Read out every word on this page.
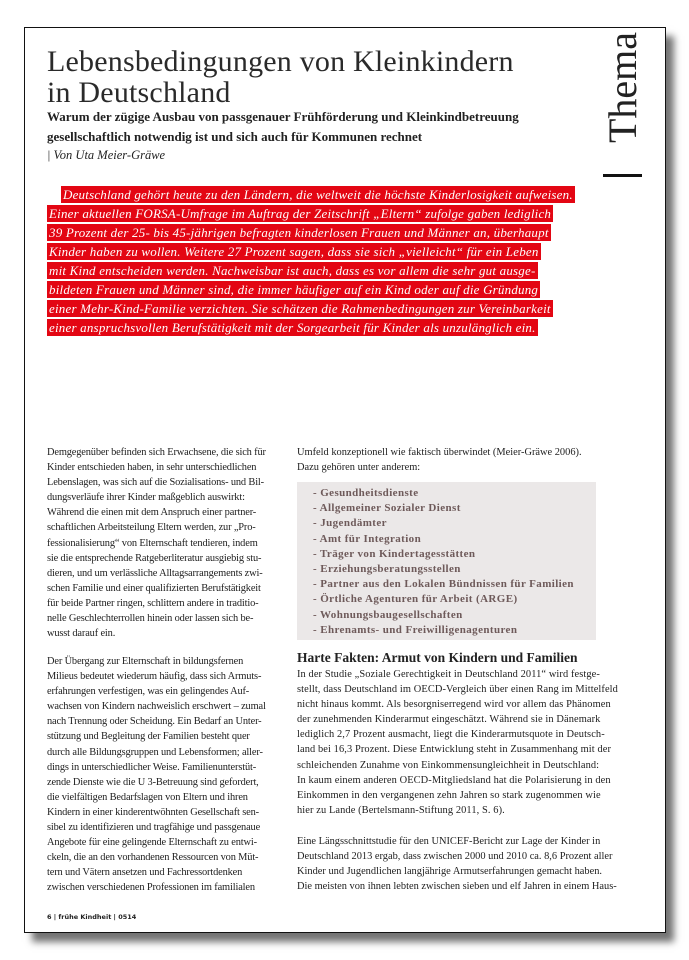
Lebensbedingungen von Kleinkindern
in Deutschland
Warum der zügige Ausbau von passgenauer Frühförderung und Kleinkindbetreuung
gesellschaftlich notwendig ist und sich auch für Kommunen rechnet
| Von Uta Meier-Gräwe
Thema
Deutschland gehört heute zu den Ländern, die weltweit die höchste Kinderlosigkeit aufweisen.
Einer aktuellen FORSA-Umfrage im Auftrag der Zeitschrift „Eltern“ zufolge gaben lediglich
39 Prozent der 25- bis 45-jährigen befragten kinderlosen Frauen und Männer an, überhaupt
Kinder haben zu wollen. Weitere 27 Prozent sagen, dass sie sich „vielleicht“ für ein Leben
mit Kind entscheiden werden. Nachweisbar ist auch, dass es vor allem die sehr gut ausge-
bildeten Frauen und Männer sind, die immer häufiger auf ein Kind oder auf die Gründung
einer Mehr-Kind-Familie verzichten. Sie schätzen die Rahmenbedingungen zur Vereinbarkeit
einer anspruchsvollen Berufstätigkeit mit der Sorgearbeit für Kinder als unzulänglich ein.
Demgegenüber befinden sich Erwachsene, die sich für
Kinder entschieden haben, in sehr unterschiedlichen
Lebenslagen, was sich auf die Sozialisations- und Bil-
dungsverläufe ihrer Kinder maßgeblich auswirkt:
Während die einen mit dem Anspruch einer partner-
schaftlichen Arbeitsteilung Eltern werden, zur „Pro-
fessionalisierung“ von Elternschaft tendieren, indem
sie die entsprechende Ratgeberliteratur ausgiebig stu-
dieren, und um verlässliche Alltagsarrangements zwi-
schen Familie und einer qualifizierten Berufstätigkeit
für beide Partner ringen, schlittern andere in traditio-
nelle Geschlechterrollen hinein oder lassen sich be-
wusst darauf ein.
Der Übergang zur Elternschaft in bildungsfernen
Milieus bedeutet wiederum häufig, dass sich Armuts-
erfahrungen verfestigen, was ein gelingendes Auf-
wachsen von Kindern nachweislich erschwert – zumal
nach Trennung oder Scheidung. Ein Bedarf an Unter-
stützung und Begleitung der Familien besteht quer
durch alle Bildungsgruppen und Lebensformen; aller-
dings in unterschiedlicher Weise. Familienunterstüt-
zende Dienste wie die U 3-Betreuung sind gefordert,
die vielfältigen Bedarfslagen von Eltern und ihren
Kindern in einer kinderentwöhnten Gesellschaft sen-
sibel zu identifizieren und tragfähige und passgenaue
Angebote für eine gelingende Elternschaft zu entwi-
ckeln, die an den vorhandenen Ressourcen von Müt-
tern und Vätern ansetzen und Fachressortdenken
zwischen verschiedenen Professionen im familialen
Umfeld konzeptionell wie faktisch überwindet (Meier-Gräwe 2006).
Dazu gehören unter anderem:
- Gesundheitsdienste
- Allgemeiner Sozialer Dienst
- Jugendämter
- Amt für Integration
- Träger von Kindertagesstätten
- Erziehungsberatungsstellen
- Partner aus den Lokalen Bündnissen für Familien
- Örtliche Agenturen für Arbeit (ARGE)
- Wohnungsbaugesellschaften
- Ehrenamts- und Freiwilligenagenturen
Harte Fakten: Armut von Kindern und Familien
In der Studie „Soziale Gerechtigkeit in Deutschland 2011“ wird festge-
stellt, dass Deutschland im OECD-Vergleich über einen Rang im Mittelfeld
nicht hinaus kommt. Als besorgniserregend wird vor allem das Phänomen
der zunehmenden Kinderarmut eingeschätzt. Während sie in Dänemark
lediglich 2,7 Prozent ausmacht, liegt die Kinderarmutsquote in Deutsch-
land bei 16,3 Prozent. Diese Entwicklung steht in Zusammenhang mit der
schleichenden Zunahme von Einkommensungleichheit in Deutschland:
In kaum einem anderen OECD-Mitgliedsland hat die Polarisierung in den
Einkommen in den vergangenen zehn Jahren so stark zugenommen wie
hier zu Lande (Bertelsmann-Stiftung 2011, S. 6).
Eine Längsschnittstudie für den UNICEF-Bericht zur Lage der Kinder in
Deutschland 2013 ergab, dass zwischen 2000 und 2010 ca. 8,6 Prozent aller
Kinder und Jugendlichen langjährige Armutserfahrungen gemacht haben.
Die meisten von ihnen lebten zwischen sieben und elf Jahren in einem Haus-
6 | frühe Kindheit | 0514
